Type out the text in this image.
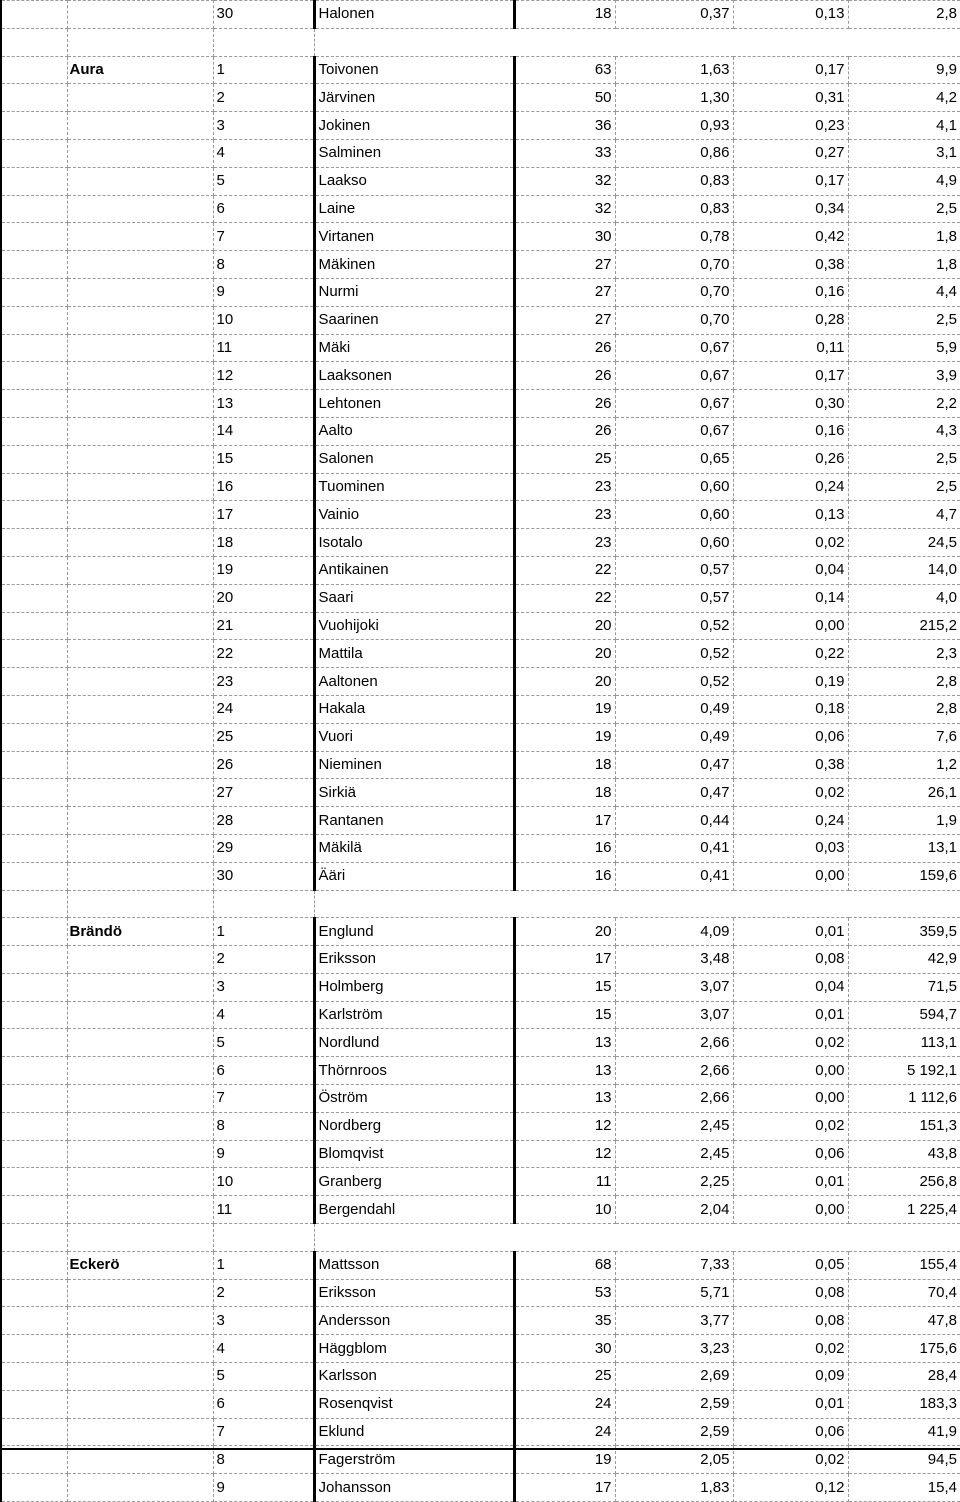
		30	Halonen	18	0,37	0,13	2,8

	Aura	1	Toivonen	63	1,63	0,17	9,9
		2	Järvinen	50	1,30	0,31	4,2
		3	Jokinen	36	0,93	0,23	4,1
		4	Salminen	33	0,86	0,27	3,1
		5	Laakso	32	0,83	0,17	4,9
		6	Laine	32	0,83	0,34	2,5
		7	Virtanen	30	0,78	0,42	1,8
		8	Mäkinen	27	0,70	0,38	1,8
		9	Nurmi	27	0,70	0,16	4,4
		10	Saarinen	27	0,70	0,28	2,5
		11	Mäki	26	0,67	0,11	5,9
		12	Laaksonen	26	0,67	0,17	3,9
		13	Lehtonen	26	0,67	0,30	2,2
		14	Aalto	26	0,67	0,16	4,3
		15	Salonen	25	0,65	0,26	2,5
		16	Tuominen	23	0,60	0,24	2,5
		17	Vainio	23	0,60	0,13	4,7
		18	Isotalo	23	0,60	0,02	24,5
		19	Antikainen	22	0,57	0,04	14,0
		20	Saari	22	0,57	0,14	4,0
		21	Vuohijoki	20	0,52	0,00	215,2
		22	Mattila	20	0,52	0,22	2,3
		23	Aaltonen	20	0,52	0,19	2,8
		24	Hakala	19	0,49	0,18	2,8
		25	Vuori	19	0,49	0,06	7,6
		26	Nieminen	18	0,47	0,38	1,2
		27	Sirkiä	18	0,47	0,02	26,1
		28	Rantanen	17	0,44	0,24	1,9
		29	Mäkilä	16	0,41	0,03	13,1
		30	Ääri	16	0,41	0,00	159,6

	Brändö	1	Englund	20	4,09	0,01	359,5
		2	Eriksson	17	3,48	0,08	42,9
		3	Holmberg	15	3,07	0,04	71,5
		4	Karlström	15	3,07	0,01	594,7
		5	Nordlund	13	2,66	0,02	113,1
		6	Thörnroos	13	2,66	0,00	5 192,1
		7	Öström	13	2,66	0,00	1 112,6
		8	Nordberg	12	2,45	0,02	151,3
		9	Blomqvist	12	2,45	0,06	43,8
		10	Granberg	11	2,25	0,01	256,8
		11	Bergendahl	10	2,04	0,00	1 225,4

	Eckerö	1	Mattsson	68	7,33	0,05	155,4
		2	Eriksson	53	5,71	0,08	70,4
		3	Andersson	35	3,77	0,08	47,8
		4	Häggblom	30	3,23	0,02	175,6
		5	Karlsson	25	2,69	0,09	28,4
		6	Rosenqvist	24	2,59	0,01	183,3
		7	Eklund	24	2,59	0,06	41,9
		8	Fagerström	19	2,05	0,02	94,5
		9	Johansson	17	1,83	0,12	15,4
